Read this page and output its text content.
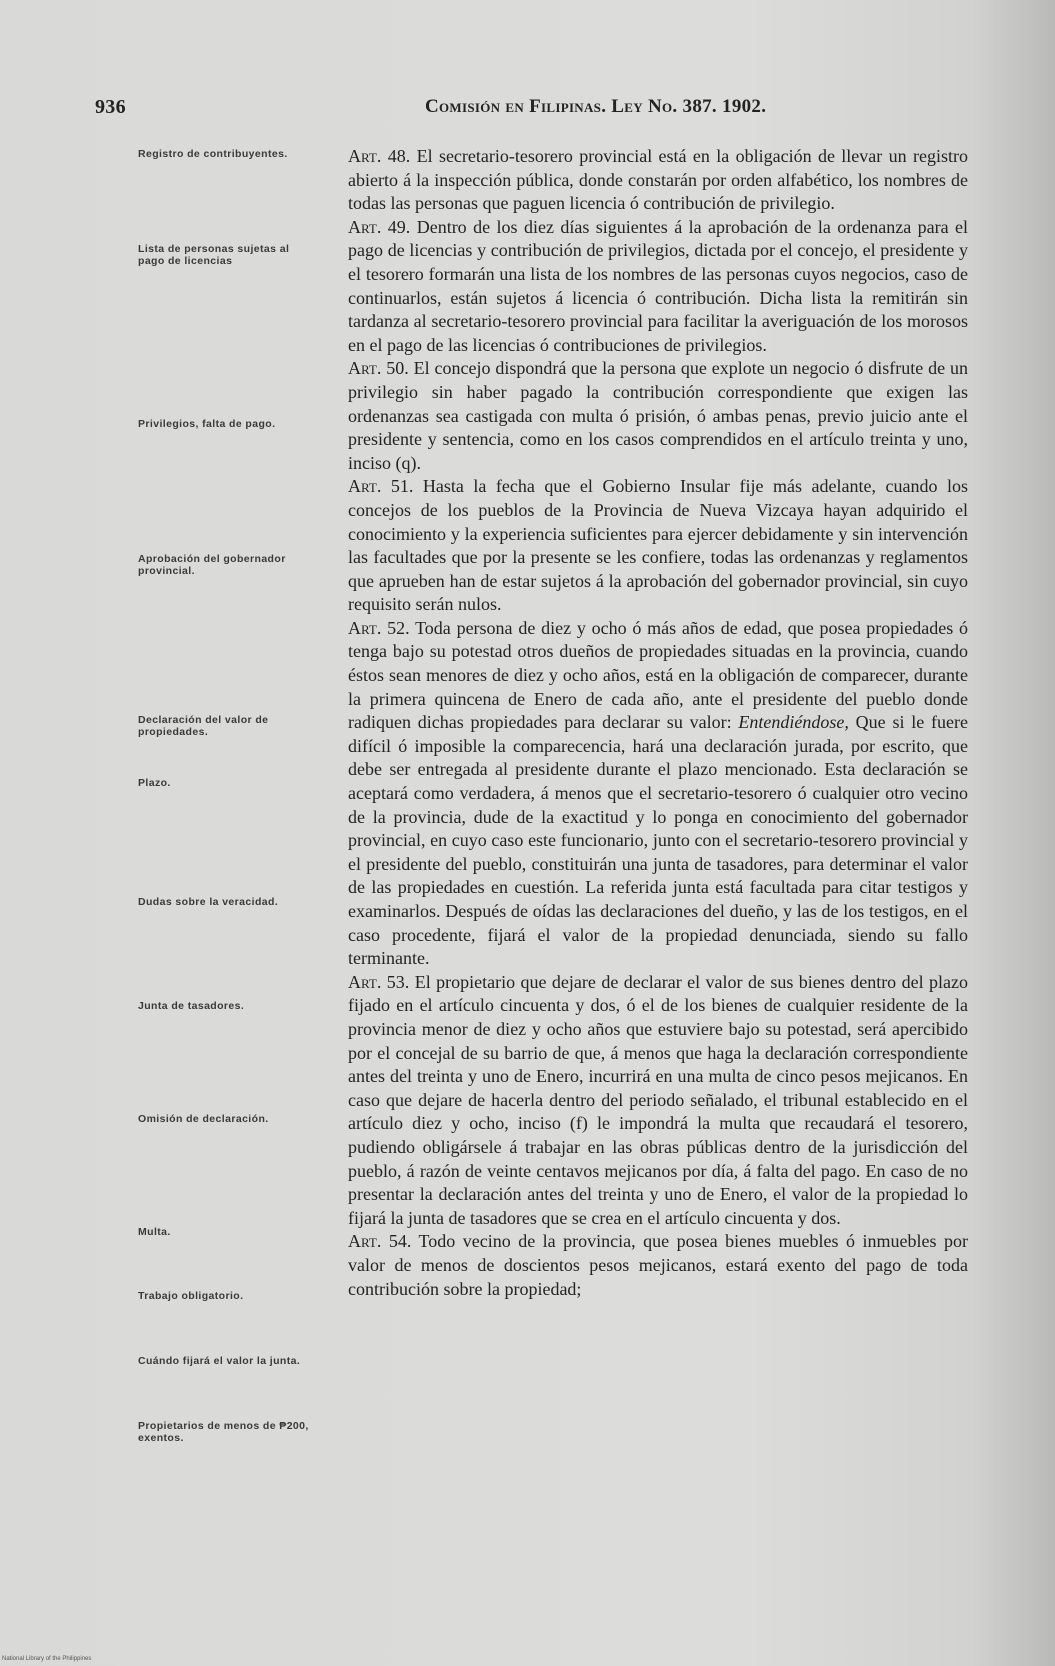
936	Comisión en Filipinas. Ley No. 387. 1902.
Registro de contribuyentes.
Lista de personas sujetas al pago de licencias
Privilegios, falta de pago.
Aprobación del gobernador provincial.
Declaración del valor de propiedades.
Plazo.
Dudas sobre la veracidad.
Junta de tasadores.
Omisión de declaración.
Multa.
Trabajo obligatorio.
Cuándo fijará el valor la junta.
Propietarios de menos de ₱200, exentos.

Art. 48. El secretario-tesorero provincial está en la obligación de llevar un registro abierto á la inspección pública, donde constarán por orden alfabético, los nombres de todas las personas que paguen licencia ó contribución de privilegio.

Art. 49. Dentro de los diez días siguientes á la aprobación de la ordenanza para el pago de licencias y contribución de privilegios, dictada por el concejo, el presidente y el tesorero formarán una lista de los nombres de las personas cuyos negocios, caso de continuarlos, están sujetos á licencia ó contribución. Dicha lista la remitirán sin tardanza al secretario-tesorero provincial para facilitar la averiguación de los morosos en el pago de las licencias ó contribuciones de privilegios.

Art. 50. El concejo dispondrá que la persona que explote un negocio ó disfrute de un privilegio sin haber pagado la contribución correspondiente que exigen las ordenanzas sea castigada con multa ó prisión, ó ambas penas, previo juicio ante el presidente y sentencia, como en los casos comprendidos en el artículo treinta y uno, inciso (q).

Art. 51. Hasta la fecha que el Gobierno Insular fije más adelante, cuando los concejos de los pueblos de la Provincia de Nueva Vizcaya hayan adquirido el conocimiento y la experiencia suficientes para ejercer debidamente y sin intervención las facultades que por la presente se les confiere, todas las ordenanzas y reglamentos que aprueben han de estar sujetos á la aprobación del gobernador provincial, sin cuyo requisito serán nulos.

Art. 52. Toda persona de diez y ocho ó más años de edad, que posea propiedades ó tenga bajo su potestad otros dueños de propiedades situadas en la provincia, cuando éstos sean menores de diez y ocho años, está en la obligación de comparecer, durante la primera quincena de Enero de cada año, ante el presidente del pueblo donde radiquen dichas propiedades para declarar su valor: Entendiéndose, Que si le fuere difícil ó imposible la comparecencia, hará una declaración jurada, por escrito, que debe ser entregada al presidente durante el plazo mencionado. Esta declaración se aceptará como verdadera, á menos que el secretario-tesorero ó cualquier otro vecino de la provincia, dude de la exactitud y lo ponga en conocimiento del gobernador provincial, en cuyo caso este funcionario, junto con el secretario-tesorero provincial y el presidente del pueblo, constituirán una junta de tasadores, para determinar el valor de las propiedades en cuestión. La referida junta está facultada para citar testigos y examinarlos. Después de oídas las declaraciones del dueño, y las de los testigos, en el caso procedente, fijará el valor de la propiedad denunciada, siendo su fallo terminante.

Art. 53. El propietario que dejare de declarar el valor de sus bienes dentro del plazo fijado en el artículo cincuenta y dos, ó el de los bienes de cualquier residente de la provincia menor de diez y ocho años que estuviere bajo su potestad, será apercibido por el concejal de su barrio de que, á menos que haga la declaración correspondiente antes del treinta y uno de Enero, incurrirá en una multa de cinco pesos mejicanos. En caso que dejare de hacerla dentro del periodo señalado, el tribunal establecido en el artículo diez y ocho, inciso (f) le impondrá la multa que recaudará el tesorero, pudiendo obligársele á trabajar en las obras públicas dentro de la jurisdicción del pueblo, á razón de veinte centavos mejicanos por día, á falta del pago. En caso de no presentar la declaración antes del treinta y uno de Enero, el valor de la propiedad lo fijará la junta de tasadores que se crea en el artículo cincuenta y dos.

Art. 54. Todo vecino de la provincia, que posea bienes muebles ó inmuebles por valor de menos de doscientos pesos mejicanos, estará exento del pago de toda contribución sobre la propiedad;

National Library of the Philippines
